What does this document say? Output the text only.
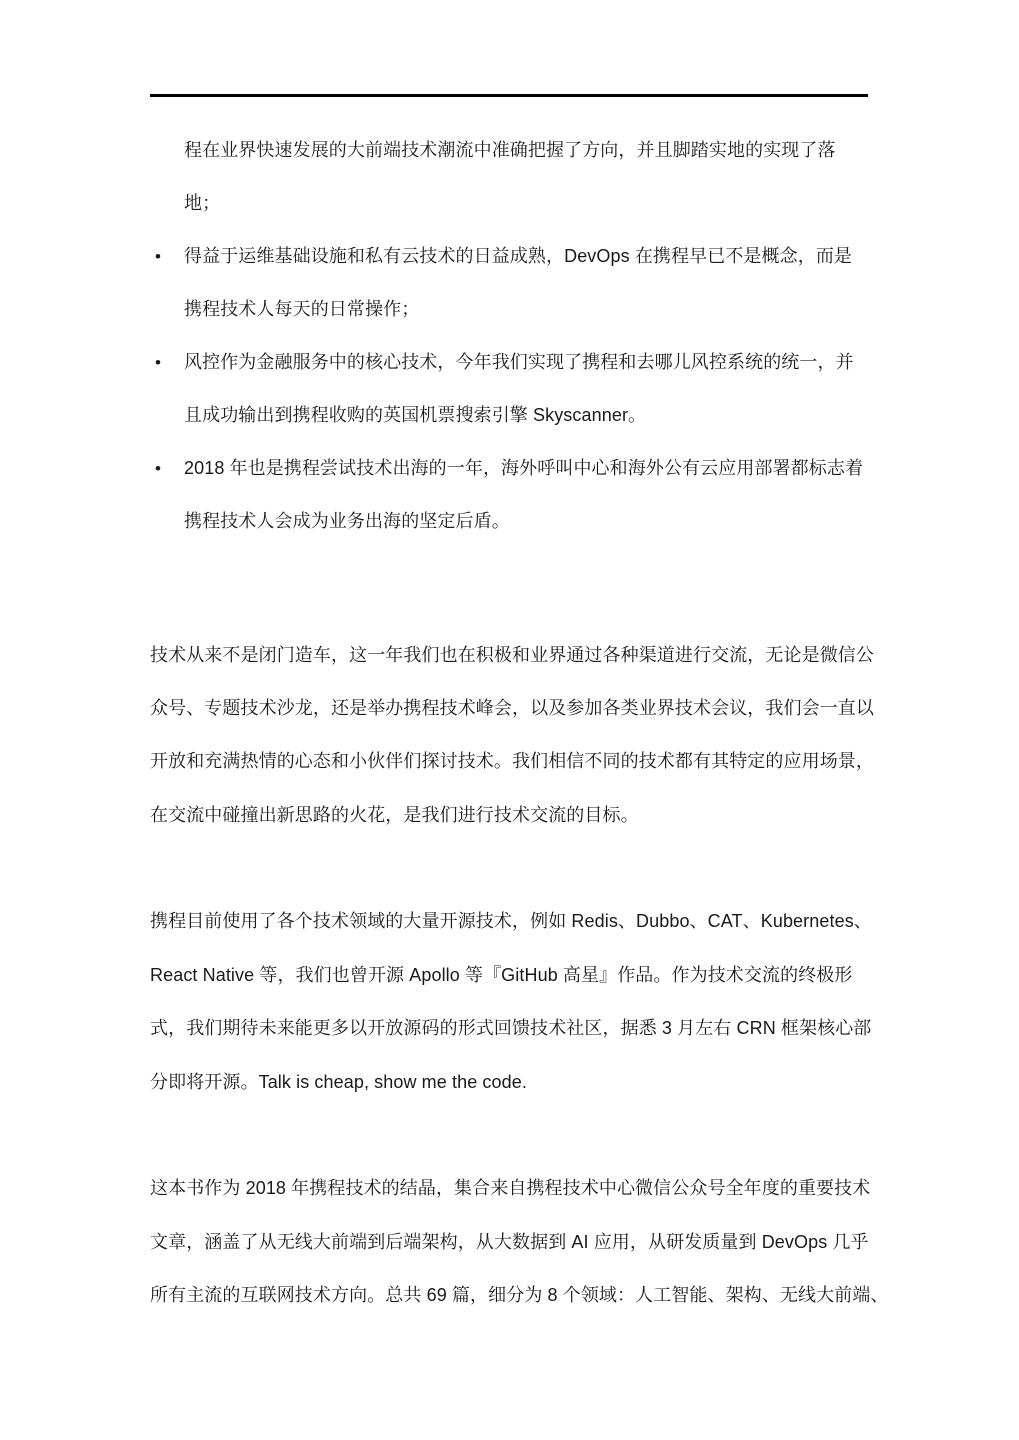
程在业界快速发展的大前端技术潮流中准确把握了方向，并且脚踏实地的实现了落
地；
• 得益于运维基础设施和私有云技术的日益成熟，DevOps 在携程早已不是概念，而是
携程技术人每天的日常操作；
• 风控作为金融服务中的核心技术，今年我们实现了携程和去哪儿风控系统的统一，并
且成功输出到携程收购的英国机票搜索引擎 Skyscanner。
• 2018 年也是携程尝试技术出海的一年，海外呼叫中心和海外公有云应用部署都标志着
携程技术人会成为业务出海的坚定后盾。
技术从来不是闭门造车，这一年我们也在积极和业界通过各种渠道进行交流，无论是微信公
众号、专题技术沙龙，还是举办携程技术峰会，以及参加各类业界技术会议，我们会一直以
开放和充满热情的心态和小伙伴们探讨技术。我们相信不同的技术都有其特定的应用场景，
在交流中碰撞出新思路的火花，是我们进行技术交流的目标。
携程目前使用了各个技术领域的大量开源技术，例如 Redis、Dubbo、CAT、Kubernetes、
React Native 等，我们也曾开源 Apollo 等『GitHub 高星』作品。作为技术交流的终极形
式，我们期待未来能更多以开放源码的形式回馈技术社区，据悉 3 月左右 CRN 框架核心部
分即将开源。Talk is cheap, show me the code.
这本书作为 2018 年携程技术的结晶，集合来自携程技术中心微信公众号全年度的重要技术
文章，涵盖了从无线大前端到后端架构，从大数据到 AI 应用，从研发质量到 DevOps 几乎
所有主流的互联网技术方向。总共 69 篇，细分为 8 个领域：人工智能、架构、无线大前端、
